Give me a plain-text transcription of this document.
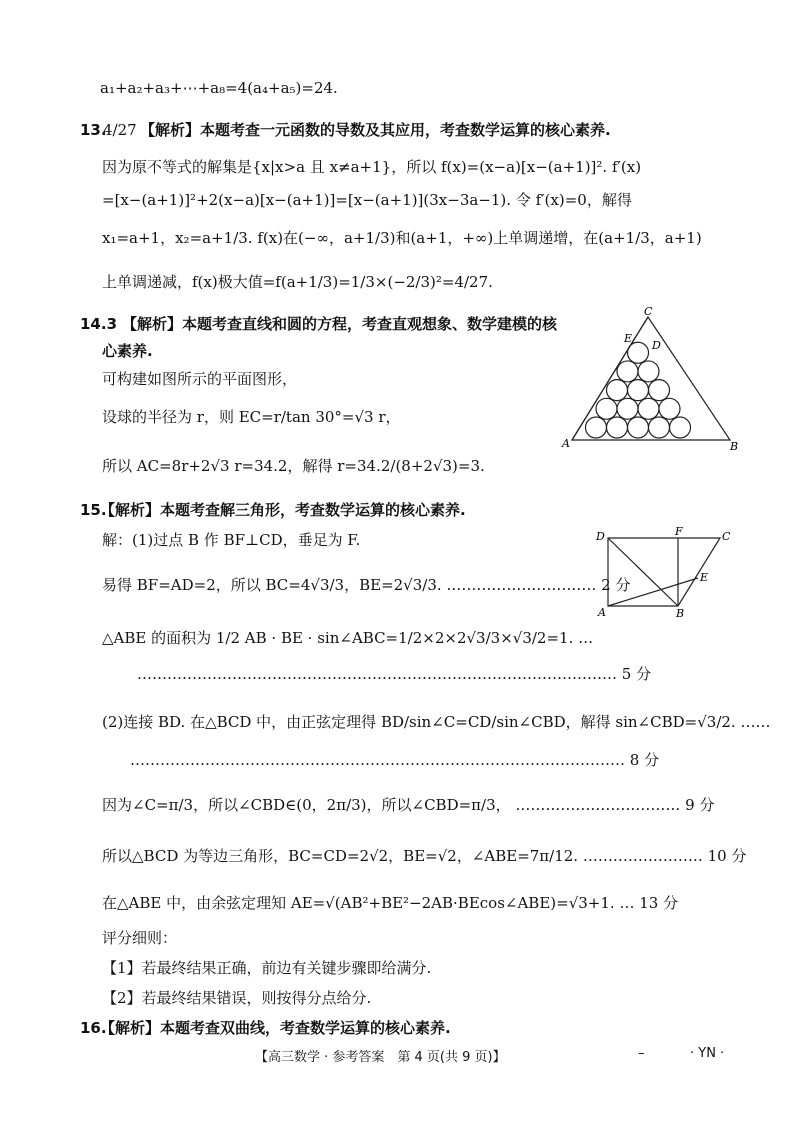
a₁+a₂+a₃+⋯+a₈=4(a₄+a₅)=24.
13.
4/27 【解析】本题考查一元函数的导数及其应用，考查数学运算的核心素养.
因为原不等式的解集是{x|x>a 且 x≠a+1}，所以 f(x)=(x−a)[x−(a+1)]². f′(x)
=[x−(a+1)]²+2(x−a)[x−(a+1)]=[x−(a+1)](3x−3a−1). 令 f′(x)=0，解得
x₁=a+1，x₂=a+1/3. f(x)在(−∞，a+1/3)和(a+1，+∞)上单调递增，在(a+1/3，a+1)
上单调递减，f(x)极大值=f(a+1/3)=1/3×(−2/3)²=4/27.
14.3 【解析】本题考查直线和圆的方程，考查直观想象、数学建模的核
心素养.
可构建如图所示的平面图形，
设球的半径为 r，则 EC=r/tan 30°=√3 r，
所以 AC=8r+2√3 r=34.2，解得 r=34.2/(8+2√3)=3.
C
E
D
A	B
15.
【解析】本题考查解三角形，考查数学运算的核心素养.
解：(1)过点 B 作 BF⊥CD，垂足为 F.
易得 BF=AD=2，所以 BC=4√3/3，BE=2√3/3. ………………………… 2 分
△ABE 的面积为 1/2 AB · BE · sin∠ABC=1/2×2×2√3/3×√3/2=1. …
…………………………………………………………………………………… 5 分
(2)连接 BD. 在△BCD 中，由正弦定理得 BD/sin∠C=CD/sin∠CBD，解得 sin∠CBD=√3/2. ……
……………………………………………………………………………………… 8 分
因为∠C=π/3，所以∠CBD∈(0，2π/3)，所以∠CBD=π/3， …………………………… 9 分
所以△BCD 为等边三角形，BC=CD=2√2，BE=√2，∠ABE=7π/12. …………………… 10 分
在△ABE 中，由余弦定理知 AE=√(AB²+BE²−2AB·BEcos∠ABE)=√3+1. … 13 分
评分细则：
【1】若最终结果正确，前边有关键步骤即给满分.
【2】若最终结果错误，则按得分点给分.
D	F	C
E
A	B
16.
【解析】本题考查双曲线，考查数学运算的核心素养.
【高三数学 · 参考答案　第 4 页(共 9 页)】	–	· YN ·
